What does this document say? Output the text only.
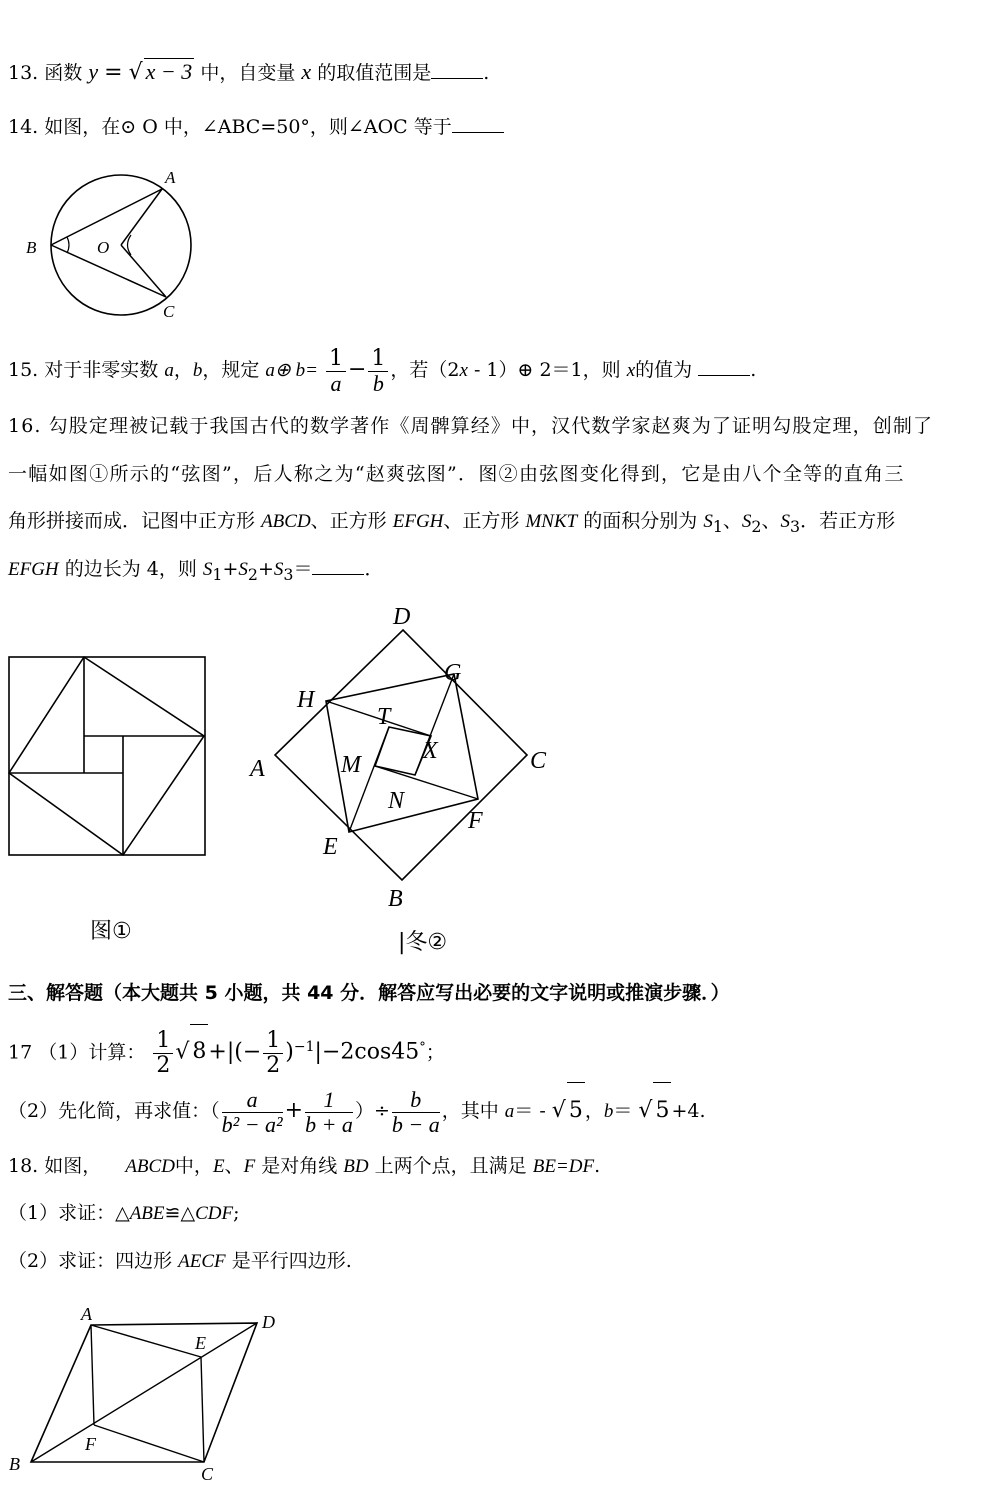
13. 函数 y = √ x − 3 中，自变量 x 的取值范围是	.
14. 如图，在⊙ O 中，∠ABC=50°，则∠AOC 等于
A
B	O
C
15. 对于非零实数 a，b，规定 a⊕ $b= \frac{1}{a} - \frac{1}{b}$ ，若（2x ‐ 1）⊕ 2＝1，则 x的值为	.
16. 勾股定理被记载于我国古代的数学著作《周髀算经》中，汉代数学家赵爽为了证明勾股定理，创制了
一幅如图①所示的“弦图”，后人称之为“赵爽弦图”．图②由弦图变化得到，它是由八个全等的直角三
角形拼接而成．记图中正方形 ABCD、正方形 EFGH、正方形 MNKT 的面积分别为 $S_1$、$S_2$、$S_3$．若正方形
EFGH 的边长为 4，则 $S_1+S_2+S_3=$	．
图①
D
G
H
T
X
A	M	C
N
F
E
B
|冬②
三、解答题（本大题共 5 小题，共 44 分．解答应写出必要的文字说明或推演步骤．）
17 （1）计算： $\frac{1}{2}$ √ $8+|(- \frac{1}{2} )^{-1}|-2\cos 45^\circ$；
（2）先化简，再求值：（ $\frac{a}{\text{b² − a²}} + \frac{1}{b + a}$ ）÷ $\frac{b}{b - a}$ ，其中 a＝ ‐ √ 5 ，b＝ √ 5 +4.
18. 如图， ABCD中，E、F 是对角线 BD 上两个点，且满足 BE=DF.
（1）求证：△ABE≌△CDF;
（2）求证：四边形 AECF 是平行四边形.
A	D
E
F
B	C
